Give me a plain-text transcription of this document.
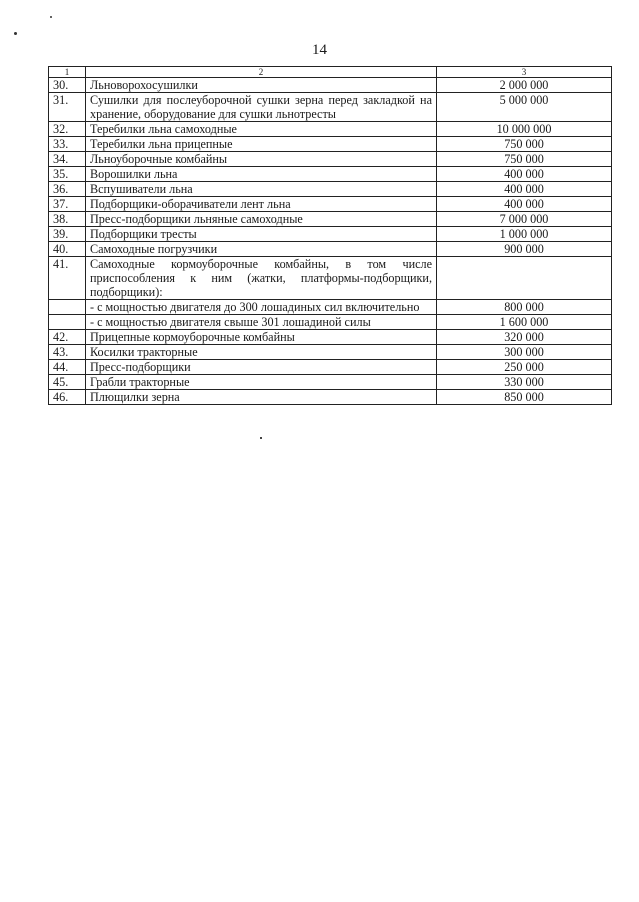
14
1	2	3
30.	Льноворохосушилки	2 000 000
31.	Сушилки для послеуборочной сушки зерна перед закладкой на хранение, оборудование для сушки льнотресты	5 000 000
32.	Теребилки льна самоходные	10 000 000
33.	Теребилки льна прицепные	750 000
34.	Льноуборочные комбайны	750 000
35.	Ворошилки льна	400 000
36.	Вспушиватели льна	400 000
37.	Подборщики-оборачиватели лент льна	400 000
38.	Пресс-подборщики льняные самоходные	7 000 000
39.	Подборщики тресты	1 000 000
40.	Самоходные погрузчики	900 000
41.	Самоходные кормоуборочные комбайны, в том числе приспособления к ним (жатки, платформы-подборщики, подборщики):	
	- с мощностью двигателя до 300 лошадиных сил включительно	800 000
	- с мощностью двигателя свыше 301 лошадиной силы	1 600 000
42.	Прицепные кормоуборочные комбайны	320 000
43.	Косилки тракторные	300 000
44.	Пресс-подборщики	250 000
45.	Грабли тракторные	330 000
46.	Плющилки зерна	850 000
